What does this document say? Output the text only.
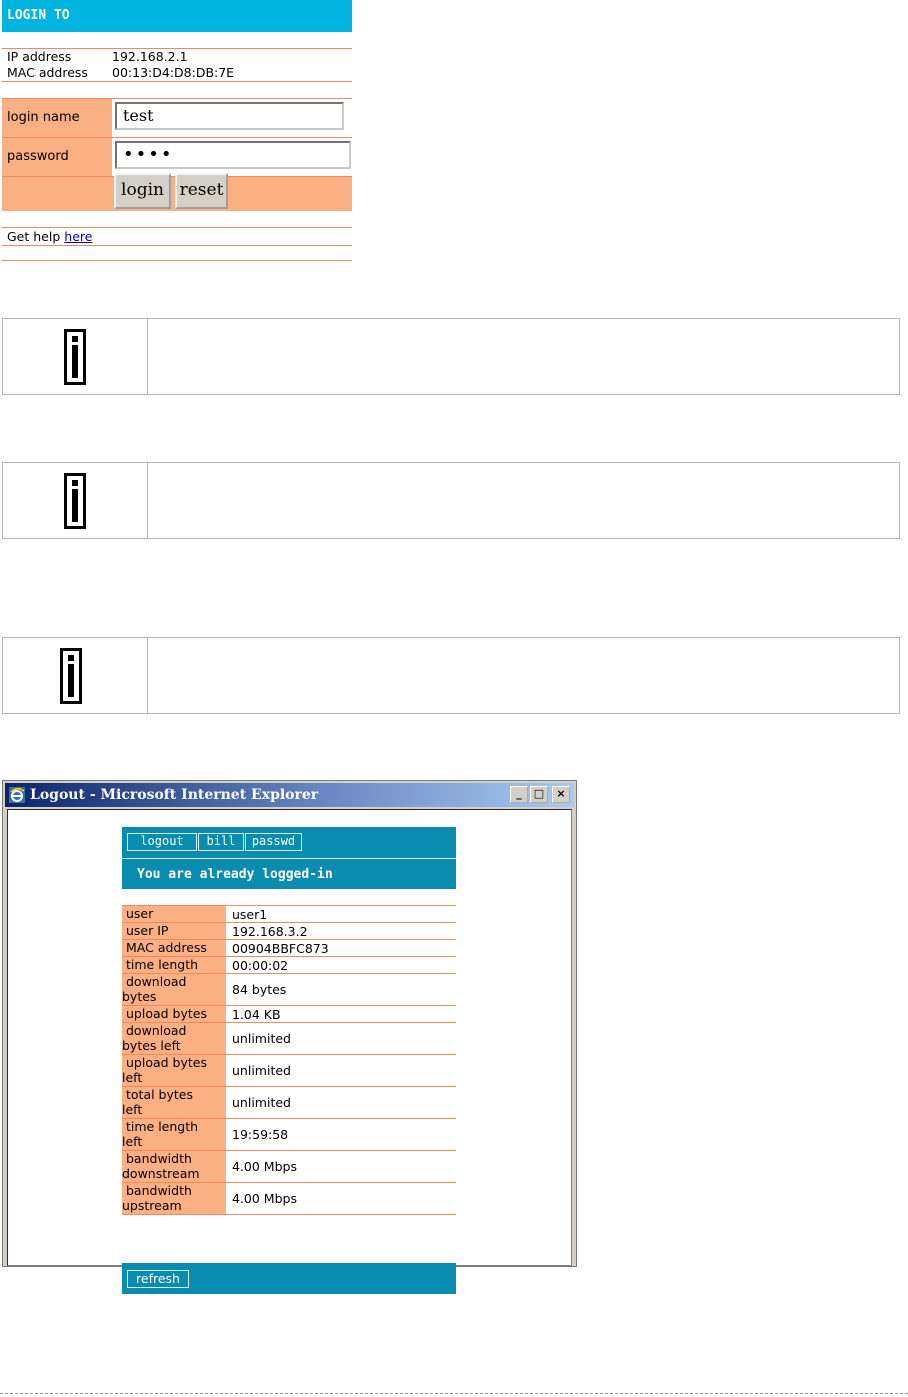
LOGIN TO
IP address	192.168.2.1
MAC address 00:13:D4:D8:DB:7E
login name	test
password	••••
login reset
Get help here
Logout - Microsoft Internet Explorer	_	□	×
logout	bill	passwd
You are already logged-in
user	user1
user IP	192.168.3.2
MAC address	00904BBFC873
time length	00:00:02
download
bytes	84 bytes
upload bytes	1.04 KB
download
bytes left	unlimited
upload bytes
left	unlimited
total bytes
left	unlimited
time length
left	19:59:58
bandwidth
downstream	4.00 Mbps
bandwidth
upstream	4.00 Mbps
refresh
